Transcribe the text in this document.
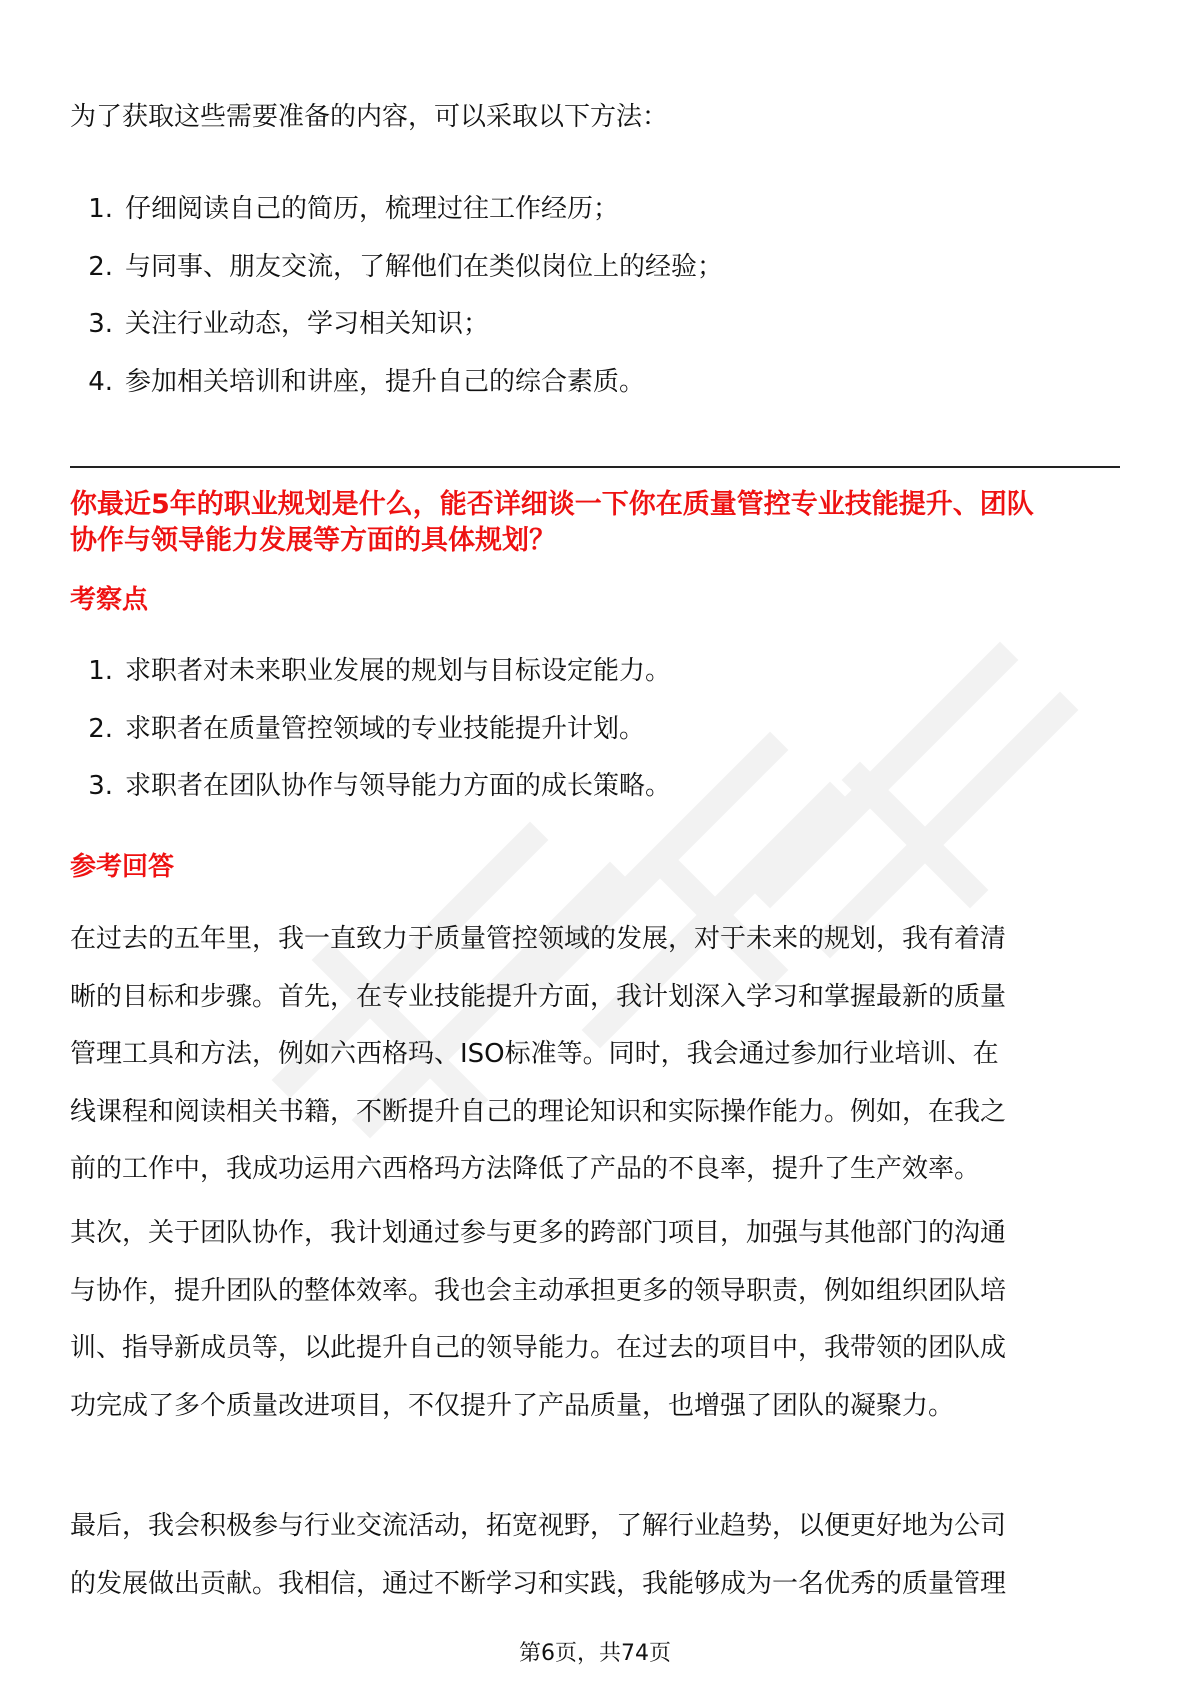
为了获取这些需要准备的内容，可以采取以下方法：
1. 仔细阅读自己的简历，梳理过往工作经历；
2. 与同事、朋友交流，了解他们在类似岗位上的经验；
3. 关注行业动态，学习相关知识；
4. 参加相关培训和讲座，提升自己的综合素质。
你最近5年的职业规划是什么，能否详细谈一下你在质量管控专业技能提升、团队
协作与领导能力发展等方面的具体规划？
考察点
1. 求职者对未来职业发展的规划与目标设定能力。
2. 求职者在质量管控领域的专业技能提升计划。
3. 求职者在团队协作与领导能力方面的成长策略。
参考回答
在过去的五年里，我一直致力于质量管控领域的发展，对于未来的规划，我有着清
晰的目标和步骤。首先，在专业技能提升方面，我计划深入学习和掌握最新的质量
管理工具和方法，例如六西格玛、ISO标准等。同时，我会通过参加行业培训、在
线课程和阅读相关书籍，不断提升自己的理论知识和实际操作能力。例如，在我之
前的工作中，我成功运用六西格玛方法降低了产品的不良率，提升了生产效率。
其次，关于团队协作，我计划通过参与更多的跨部门项目，加强与其他部门的沟通
与协作，提升团队的整体效率。我也会主动承担更多的领导职责，例如组织团队培
训、指导新成员等，以此提升自己的领导能力。在过去的项目中，我带领的团队成
功完成了多个质量改进项目，不仅提升了产品质量，也增强了团队的凝聚力。
最后，我会积极参与行业交流活动，拓宽视野，了解行业趋势，以便更好地为公司
的发展做出贡献。我相信，通过不断学习和实践，我能够成为一名优秀的质量管理
第6页，共74页
